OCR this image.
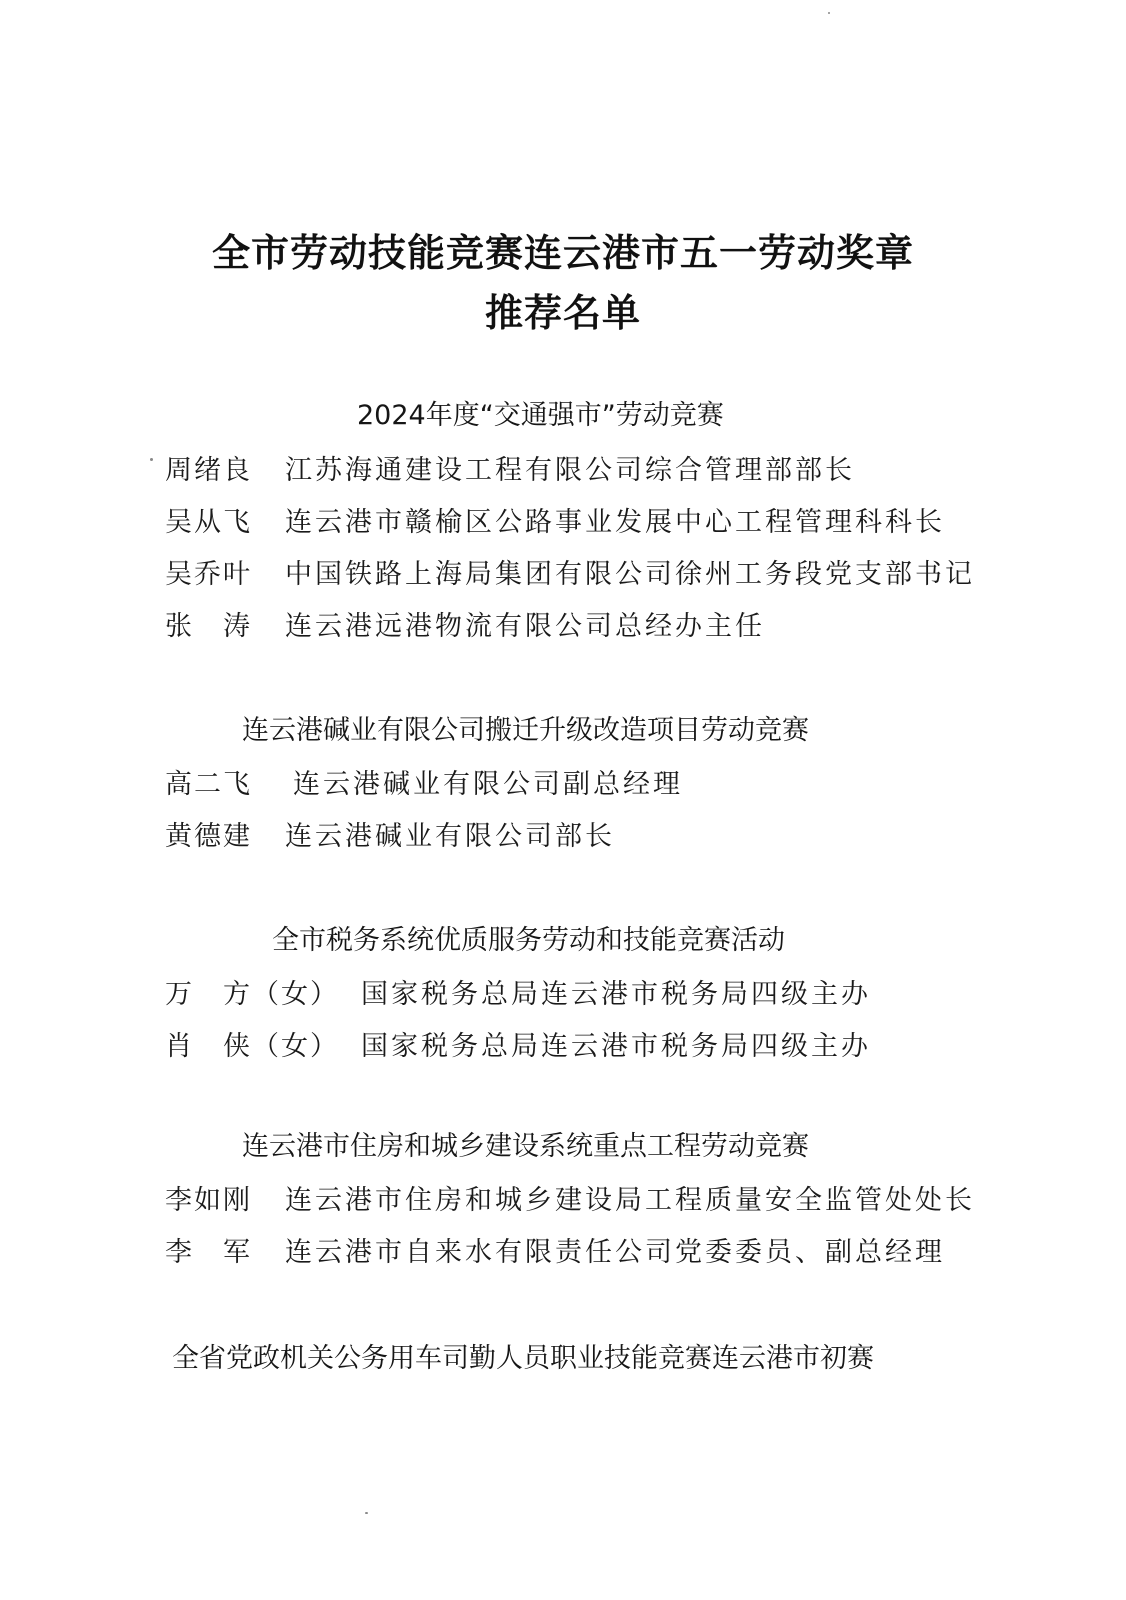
全市劳动技能竞赛连云港市五一劳动奖章
推荐名单
2024年度“交通强市”劳动竞赛
周绪良 江苏海通建设工程有限公司综合管理部部长
吴从飞 连云港市赣榆区公路事业发展中心工程管理科科长
吴乔叶 中国铁路上海局集团有限公司徐州工务段党支部书记
张　涛 连云港远港物流有限公司总经办主任
连云港碱业有限公司搬迁升级改造项目劳动竞赛
高二飞 连云港碱业有限公司副总经理
黄德建 连云港碱业有限公司部长
全市税务系统优质服务劳动和技能竞赛活动
万　方（女） 国家税务总局连云港市税务局四级主办
肖　侠（女） 国家税务总局连云港市税务局四级主办
连云港市住房和城乡建设系统重点工程劳动竞赛
李如刚 连云港市住房和城乡建设局工程质量安全监管处处长
李　军 连云港市自来水有限责任公司党委委员、副总经理
全省党政机关公务用车司勤人员职业技能竞赛连云港市初赛
